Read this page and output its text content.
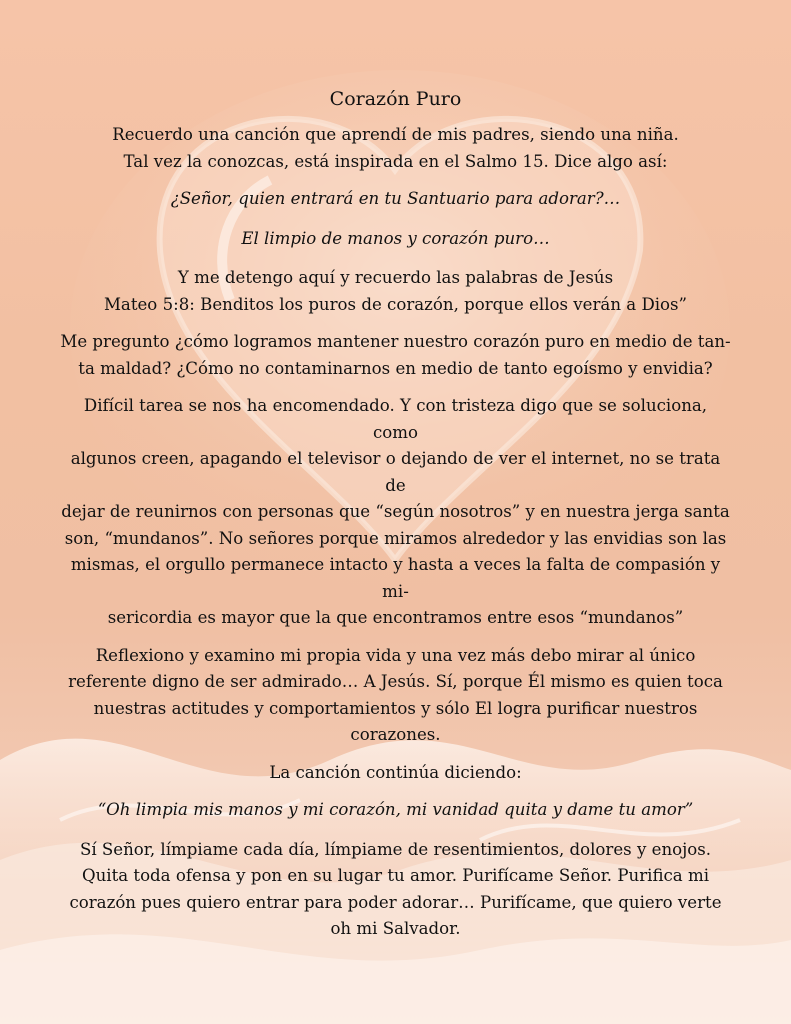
Corazón Puro

Recuerdo una canción que aprendí de mis padres, siendo una niña.
Tal vez la conozcas, está inspirada en el Salmo 15. Dice algo así:

¿Señor, quien entrará en tu Santuario para adorar?…

El limpio de manos y corazón puro…

Y me detengo aquí y recuerdo las palabras de Jesús
Mateo 5:8: Benditos los puros de corazón, porque ellos verán a Dios”

Me pregunto ¿cómo logramos mantener nuestro corazón puro en medio de tan-
ta maldad? ¿Cómo no contaminarnos en medio de tanto egoísmo y envidia?

Difícil tarea se nos ha encomendado. Y con tristeza digo que se soluciona, como
algunos creen, apagando el televisor o dejando de ver el internet, no se trata de
dejar de reunirnos con personas que “según nosotros” y en nuestra jerga santa
son, “mundanos”. No señores porque miramos alrededor y las envidias son las
mismas, el orgullo permanece intacto y hasta a veces la falta de compasión y mi-
sericordia es mayor que la que encontramos entre esos “mundanos”

Reflexiono y examino mi propia vida y una vez más debo mirar al único
referente digno de ser admirado… A Jesús. Sí, porque Él mismo es quien toca
nuestras actitudes y comportamientos y sólo El logra purificar nuestros
corazones.

La canción continúa diciendo:

“Oh limpia mis manos y mi corazón, mi vanidad quita y dame tu amor”

Sí Señor, límpiame cada día, límpiame de resentimientos, dolores y enojos.
Quita toda ofensa y pon en su lugar tu amor. Purifícame Señor. Purifica mi
corazón pues quiero entrar para poder adorar… Purifícame, que quiero verte
oh mi Salvador.
